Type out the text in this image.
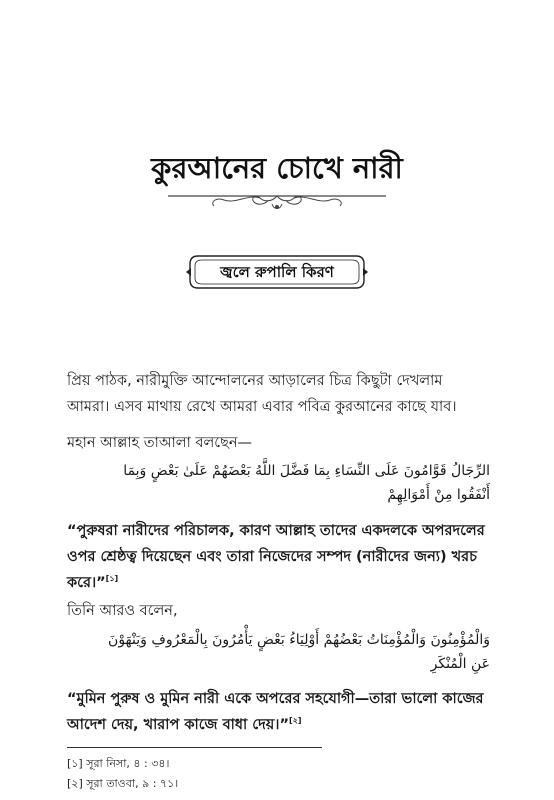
কুরআনের চোখে নারী
জ্বলে রুপালি কিরণ

প্রিয় পাঠক, নারীমুক্তি আন্দোলনের আড়ালের চিত্র কিছুটা দেখলাম আমরা। এসব মাথায় রেখে আমরা এবার পবিত্র কুরআনের কাছে যাব।

মহান আল্লাহ তাআলা বলছেন—

الرِّجَالُ قَوَّامُونَ عَلَى النِّسَاءِ بِمَا فَضَّلَ اللَّهُ بَعْضَهُمْ عَلَىٰ بَعْضٍ وَبِمَا أَنْفَقُوا مِنْ أَمْوَالِهِمْ

“পুরুষরা নারীদের পরিচালক, কারণ আল্লাহ তাদের একদলকে অপরদলের ওপর শ্রেষ্ঠত্ব দিয়েছেন এবং তারা নিজেদের সম্পদ (নারীদের জন্য) খরচ করে।”[১]

তিনি আরও বলেন,

وَالْمُؤْمِنُونَ وَالْمُؤْمِنَاتُ بَعْضُهُمْ أَوْلِيَاءُ بَعْضٍ يَأْمُرُونَ بِالْمَعْرُوفِ وَيَنْهَوْنَ عَنِ الْمُنْكَرِ

“মুমিন পুরুষ ও মুমিন নারী একে অপরের সহযোগী—তারা ভালো কাজের আদেশ দেয়, খারাপ কাজে বাধা দেয়।”[২]

[১] সূরা নিসা, ৪ : ৩৪।

[২] সূরা তাওবা, ৯ : ৭১।
